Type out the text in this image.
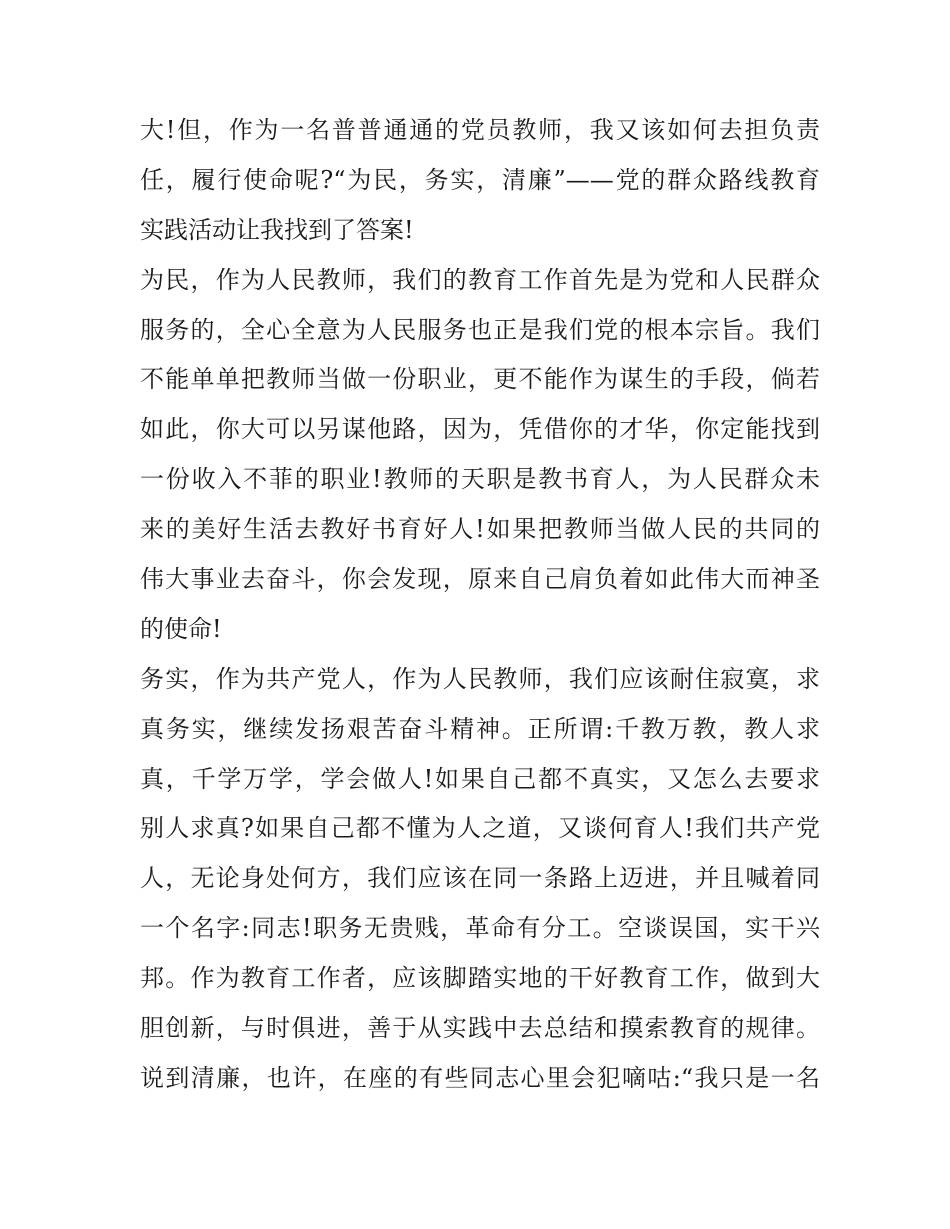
大!但，作为一名普普通通的党员教师，我又该如何去担负责
任，履行使命呢?“为民，务实，清廉”——党的群众路线教育
实践活动让我找到了答案!
为民，作为人民教师，我们的教育工作首先是为党和人民群众
服务的，全心全意为人民服务也正是我们党的根本宗旨。我们
不能单单把教师当做一份职业，更不能作为谋生的手段，倘若
如此，你大可以另谋他路，因为，凭借你的才华，你定能找到
一份收入不菲的职业!教师的天职是教书育人，为人民群众未
来的美好生活去教好书育好人!如果把教师当做人民的共同的
伟大事业去奋斗，你会发现，原来自己肩负着如此伟大而神圣
的使命!
务实，作为共产党人，作为人民教师，我们应该耐住寂寞，求
真务实，继续发扬艰苦奋斗精神。正所谓:千教万教，教人求
真，千学万学，学会做人!如果自己都不真实，又怎么去要求
别人求真?如果自己都不懂为人之道，又谈何育人!我们共产党
人，无论身处何方，我们应该在同一条路上迈进，并且喊着同
一个名字:同志!职务无贵贱，革命有分工。空谈误国，实干兴
邦。作为教育工作者，应该脚踏实地的干好教育工作，做到大
胆创新，与时俱进，善于从实践中去总结和摸索教育的规律。
说到清廉，也许，在座的有些同志心里会犯嘀咕:“我只是一名
